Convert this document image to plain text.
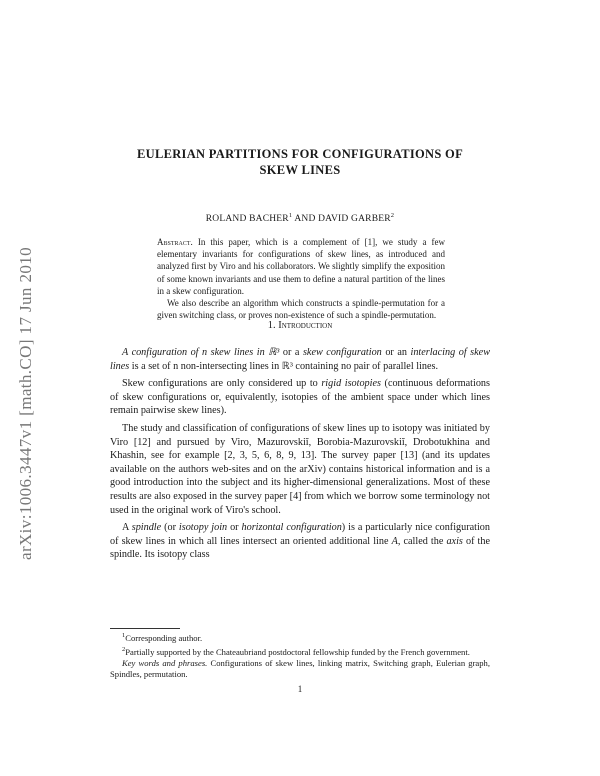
arXiv:1006.3447v1 [math.CO] 17 Jun 2010
EULERIAN PARTITIONS FOR CONFIGURATIONS OF
SKEW LINES
ROLAND BACHER$^1$ AND DAVID GARBER$^2$

Abstract. In this paper, which is a complement of [1], we study a few elementary invariants for configurations of skew lines, as introduced and analyzed first by Viro and his collaborators. We slightly simplify the exposition of some known invariants and use them to define a natural partition of the lines in a skew configuration.

We also describe an algorithm which constructs a spindle-permutation for a given switching class, or proves non-existence of such a spindle-permutation.

1. Introduction

A configuration of n skew lines in ℝ³ or a skew configuration or an interlacing of skew lines is a set of n non-intersecting lines in ℝ³ containing no pair of parallel lines.

Skew configurations are only considered up to rigid isotopies (continuous deformations of skew configurations or, equivalently, isotopies of the ambient space under which lines remain pairwise skew lines).

The study and classification of configurations of skew lines up to isotopy was initiated by Viro [12] and pursued by Viro, Mazurovskiĭ, Borobia-Mazurovskiĭ, Drobotukhina and Khashin, see for example [2, 3, 5, 6, 8, 9, 13]. The survey paper [13] (and its updates available on the authors web-sites and on the arXiv) contains historical information and is a good introduction into the subject and its higher-dimensional generalizations. Most of these results are also exposed in the survey paper [4] from which we borrow some terminology not used in the original work of Viro's school.

A spindle (or isotopy join or horizontal configuration) is a particularly nice configuration of skew lines in which all lines intersect an oriented additional line A, called the axis of the spindle. Its isotopy class

$^1$Corresponding author.

$^2$Partially supported by the Chateaubriand postdoctoral fellowship funded by the French government.

Key words and phrases. Configurations of skew lines, linking matrix, Switching graph, Eulerian graph, Spindles, permutation.

1
